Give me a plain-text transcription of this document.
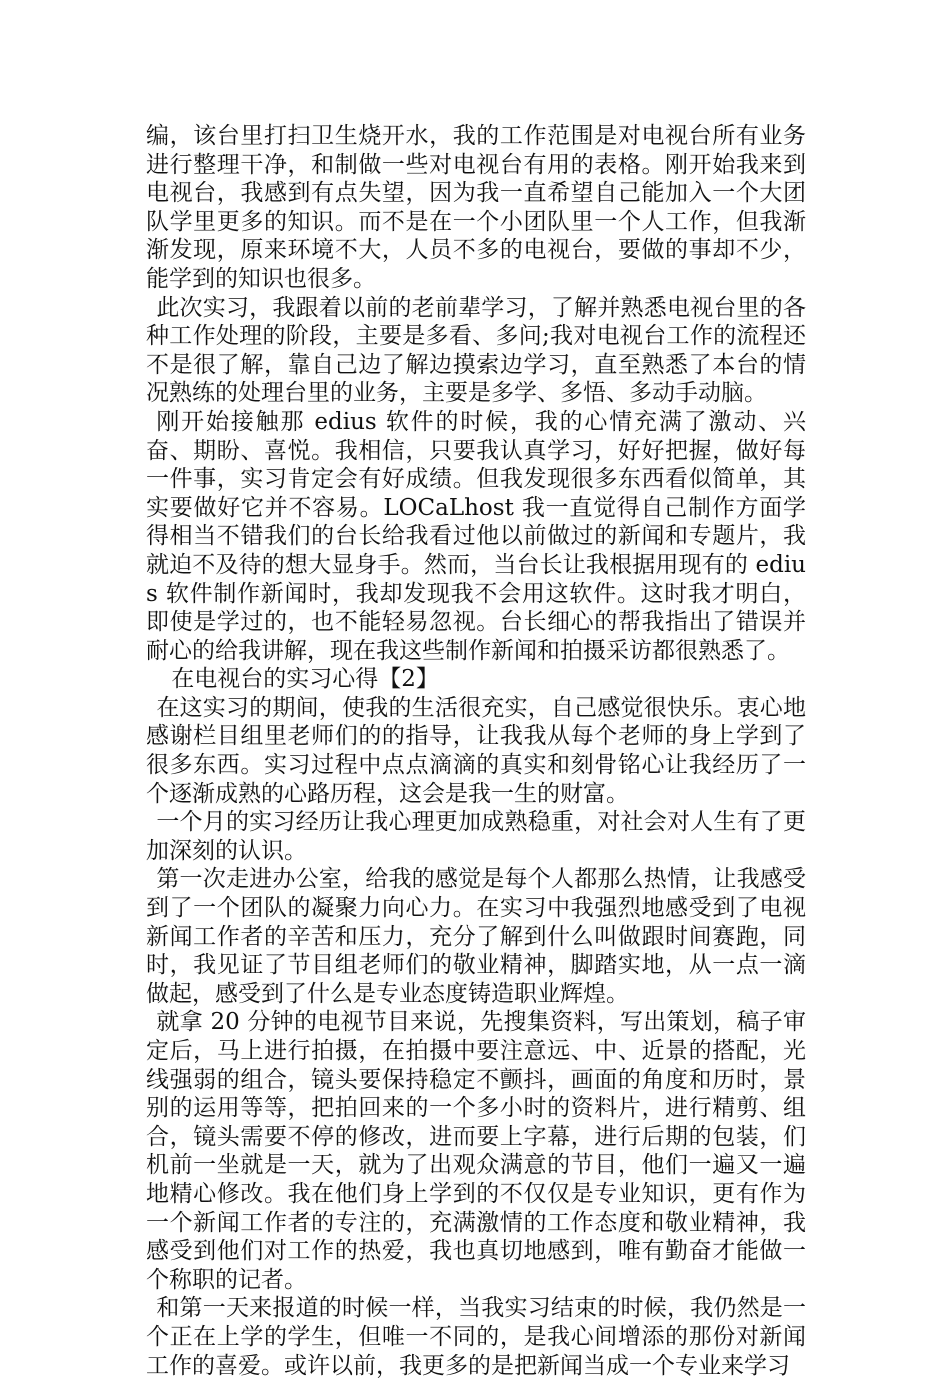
编，该台里打扫卫生烧开水，我的工作范围是对电视台所有业务进行整理干净，和制做一些对电视台有用的表格。刚开始我来到电视台，我感到有点失望，因为我一直希望自己能加入一个大团队学里更多的知识。而不是在一个小团队里一个人工作，但我渐渐发现，原来环境不大，人员不多的电视台，要做的事却不少，能学到的知识也很多。

此次实习，我跟着以前的老前辈学习，了解并熟悉电视台里的各种工作处理的阶段，主要是多看、多问;我对电视台工作的流程还不是很了解，靠自己边了解边摸索边学习，直至熟悉了本台的情况熟练的处理台里的业务，主要是多学、多悟、多动手动脑。

刚开始接触那 edius 软件的时候，我的心情充满了激动、兴奋、期盼、喜悦。我相信，只要我认真学习，好好把握，做好每一件事，实习肯定会有好成绩。但我发现很多东西看似简单，其实要做好它并不容易。LOCaLhost 我一直觉得自己制作方面学得相当不错我们的台长给我看过他以前做过的新闻和专题片，我就迫不及待的想大显身手。然而，当台长让我根据用现有的 edius 软件制作新闻时，我却发现我不会用这软件。这时我才明白，即使是学过的，也不能轻易忽视。台长细心的帮我指出了错误并耐心的给我讲解，现在我这些制作新闻和拍摄采访都很熟悉了。

在电视台的实习心得【2】

在这实习的期间，使我的生活很充实，自己感觉很快乐。衷心地感谢栏目组里老师们的的指导，让我我从每个老师的身上学到了很多东西。实习过程中点点滴滴的真实和刻骨铭心让我经历了一个逐渐成熟的心路历程，这会是我一生的财富。

一个月的实习经历让我心理更加成熟稳重，对社会对人生有了更加深刻的认识。

第一次走进办公室，给我的感觉是每个人都那么热情，让我感受到了一个团队的凝聚力向心力。在实习中我强烈地感受到了电视新闻工作者的辛苦和压力，充分了解到什么叫做跟时间赛跑，同时，我见证了节目组老师们的敬业精神，脚踏实地，从一点一滴做起，感受到了什么是专业态度铸造职业辉煌。

就拿 20 分钟的电视节目来说，先搜集资料，写出策划，稿子审定后，马上进行拍摄，在拍摄中要注意远、中、近景的搭配，光线强弱的组合，镜头要保持稳定不颤抖，画面的角度和历时，景别的运用等等，把拍回来的一个多小时的资料片，进行精剪、组合，镜头需要不停的修改，进而要上字幕，进行后期的包装，们机前一坐就是一天，就为了出观众满意的节目，他们一遍又一遍地精心修改。我在他们身上学到的不仅仅是专业知识，更有作为一个新闻工作者的专注的，充满激情的工作态度和敬业精神，我感受到他们对工作的热爱，我也真切地感到，唯有勤奋才能做一个称职的记者。

和第一天来报道的时候一样，当我实习结束的时候，我仍然是一个正在上学的学生，但唯一不同的，是我心间增添的那份对新闻工作的喜爱。或许以前，我更多的是把新闻当成一个专业来学习
